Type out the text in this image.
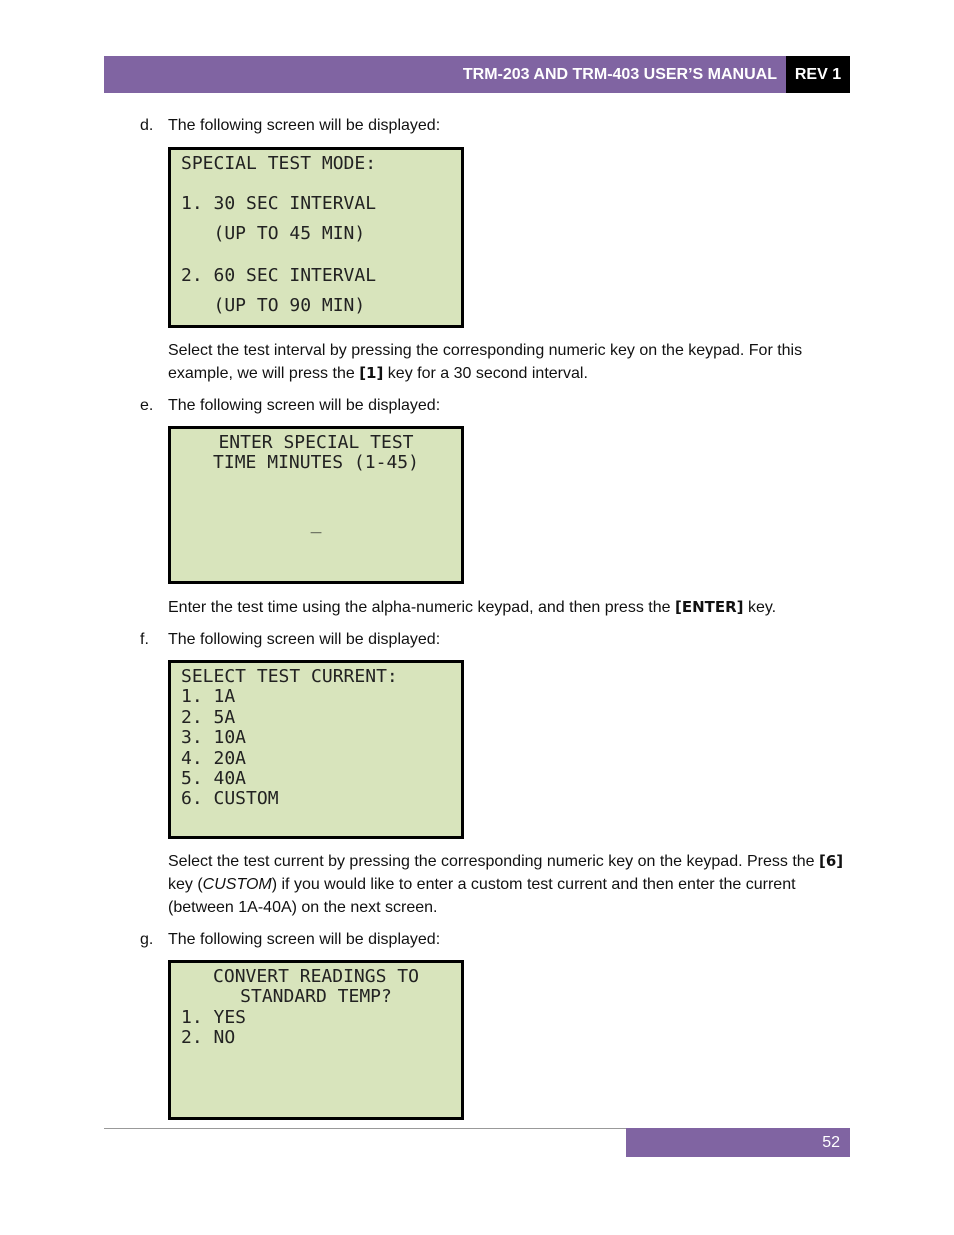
TRM-203 AND TRM-403 USER’S MANUAL REV 1
d. The following screen will be displayed:
SPECIAL TEST MODE:
1. 30 SEC INTERVAL
(UP TO 45 MIN)
2. 60 SEC INTERVAL
(UP TO 90 MIN)
Select the test interval by pressing the corresponding numeric key on the keypad. For this example, we will press the [1] key for a 30 second interval.
e. The following screen will be displayed:
ENTER SPECIAL TEST
TIME MINUTES (1-45)
_
Enter the test time using the alpha-numeric keypad, and then press the [ENTER] key.
f.	The following screen will be displayed:
SELECT TEST CURRENT:
1. 1A
2. 5A
3. 10A
4. 20A
5. 40A
6. CUSTOM
Select the test current by pressing the corresponding numeric key on the keypad. Press the [6] key (CUSTOM) if you would like to enter a custom test current and then enter the current (between 1A-40A) on the next screen.
g. The following screen will be displayed:
CONVERT READINGS TO
STANDARD TEMP?
1. YES
2. NO
52
